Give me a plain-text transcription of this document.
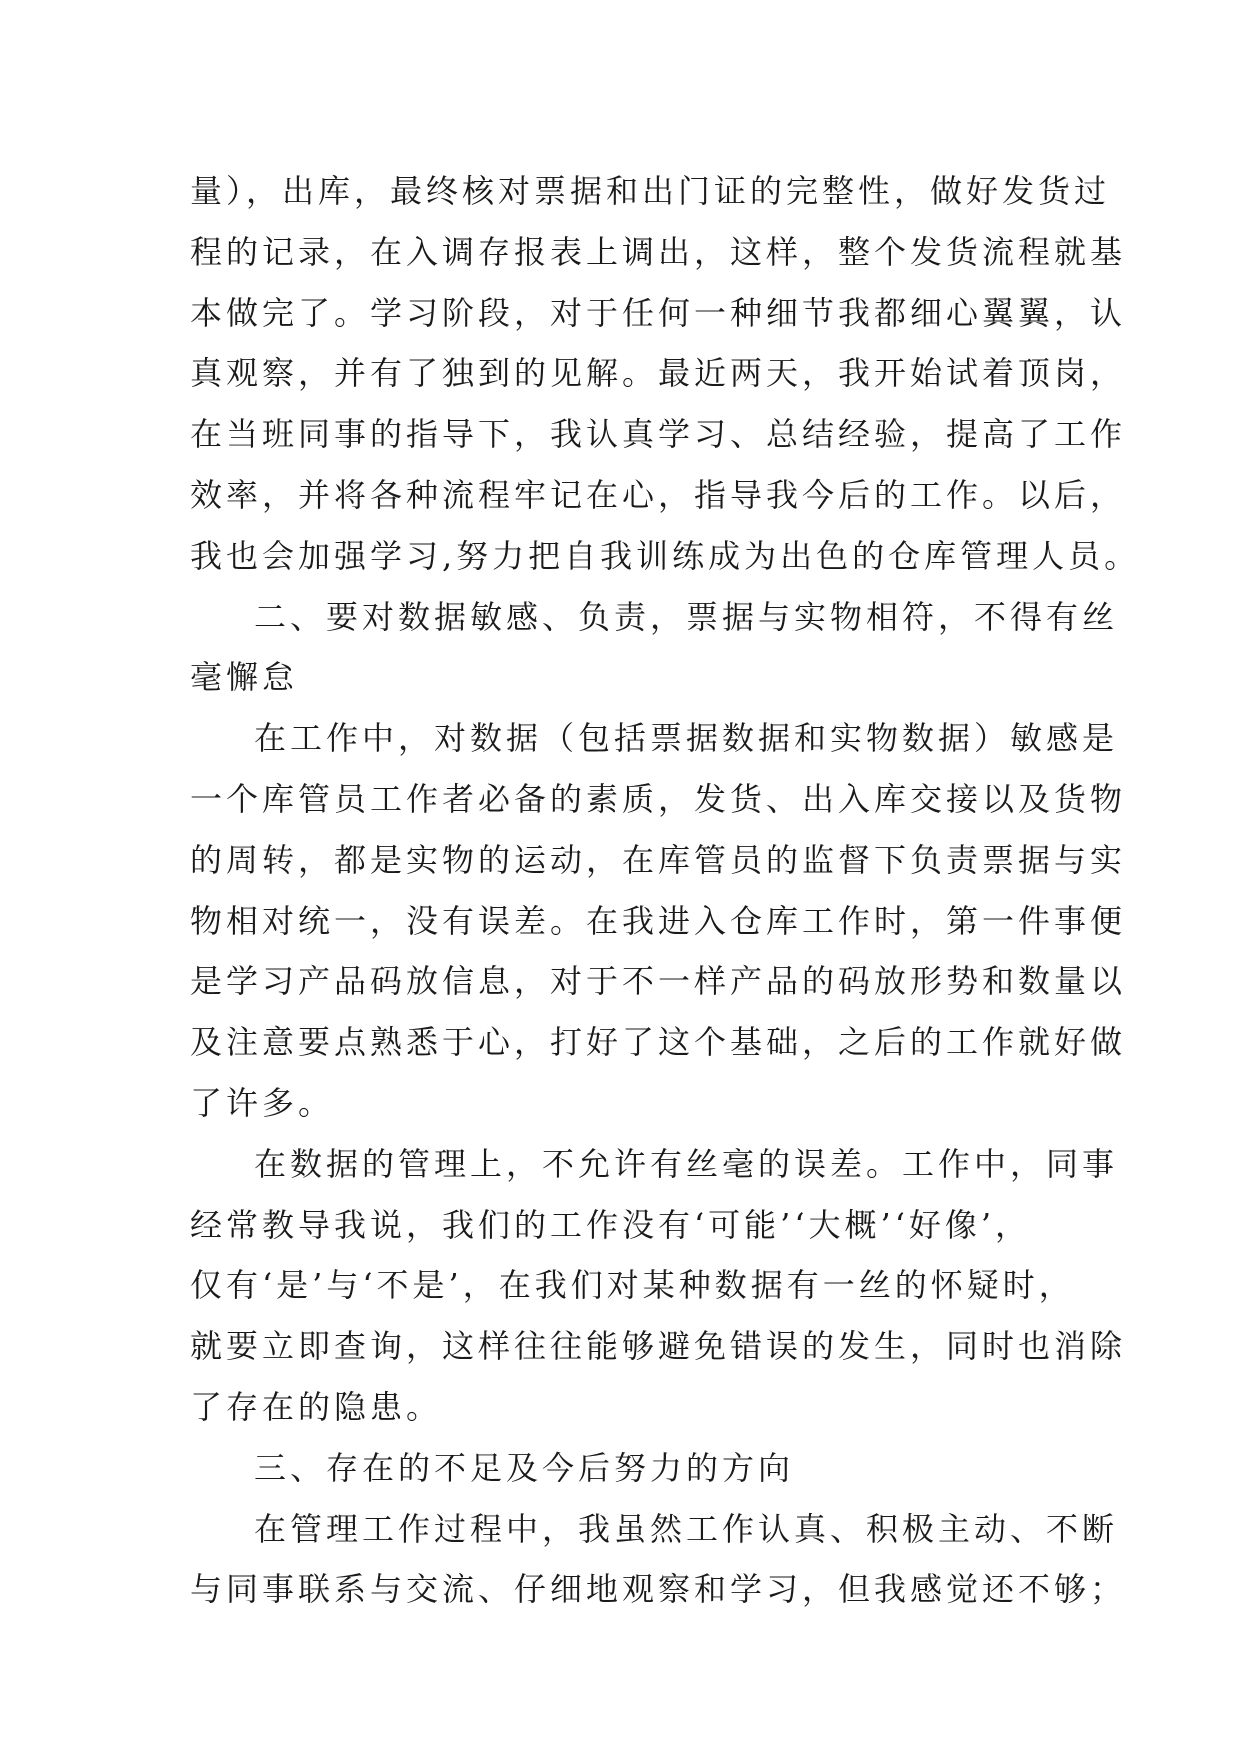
量），出库，最终核对票据和出门证的完整性，做好发货过
程的记录，在入调存报表上调出，这样，整个发货流程就基
本做完了。学习阶段，对于任何一种细节我都细心翼翼，认
真观察，并有了独到的见解。最近两天，我开始试着顶岗，
在当班同事的指导下，我认真学习、总结经验，提高了工作
效率，并将各种流程牢记在心，指导我今后的工作。以后，
我也会加强学习,努力把自我训练成为出色的仓库管理人员。
二、要对数据敏感、负责，票据与实物相符，不得有丝
毫懈怠
在工作中，对数据（包括票据数据和实物数据）敏感是
一个库管员工作者必备的素质，发货、出入库交接以及货物
的周转，都是实物的运动，在库管员的监督下负责票据与实
物相对统一，没有误差。在我进入仓库工作时，第一件事便
是学习产品码放信息，对于不一样产品的码放形势和数量以
及注意要点熟悉于心，打好了这个基础，之后的工作就好做
了许多。
在数据的管理上，不允许有丝毫的误差。工作中，同事
经常教导我说，我们的工作没有‘可能’‘大概’‘好像’，
仅有‘是’与‘不是’，在我们对某种数据有一丝的怀疑时，
就要立即查询，这样往往能够避免错误的发生，同时也消除
了存在的隐患。
三、存在的不足及今后努力的方向
在管理工作过程中，我虽然工作认真、积极主动、不断
与同事联系与交流、仔细地观察和学习，但我感觉还不够；
